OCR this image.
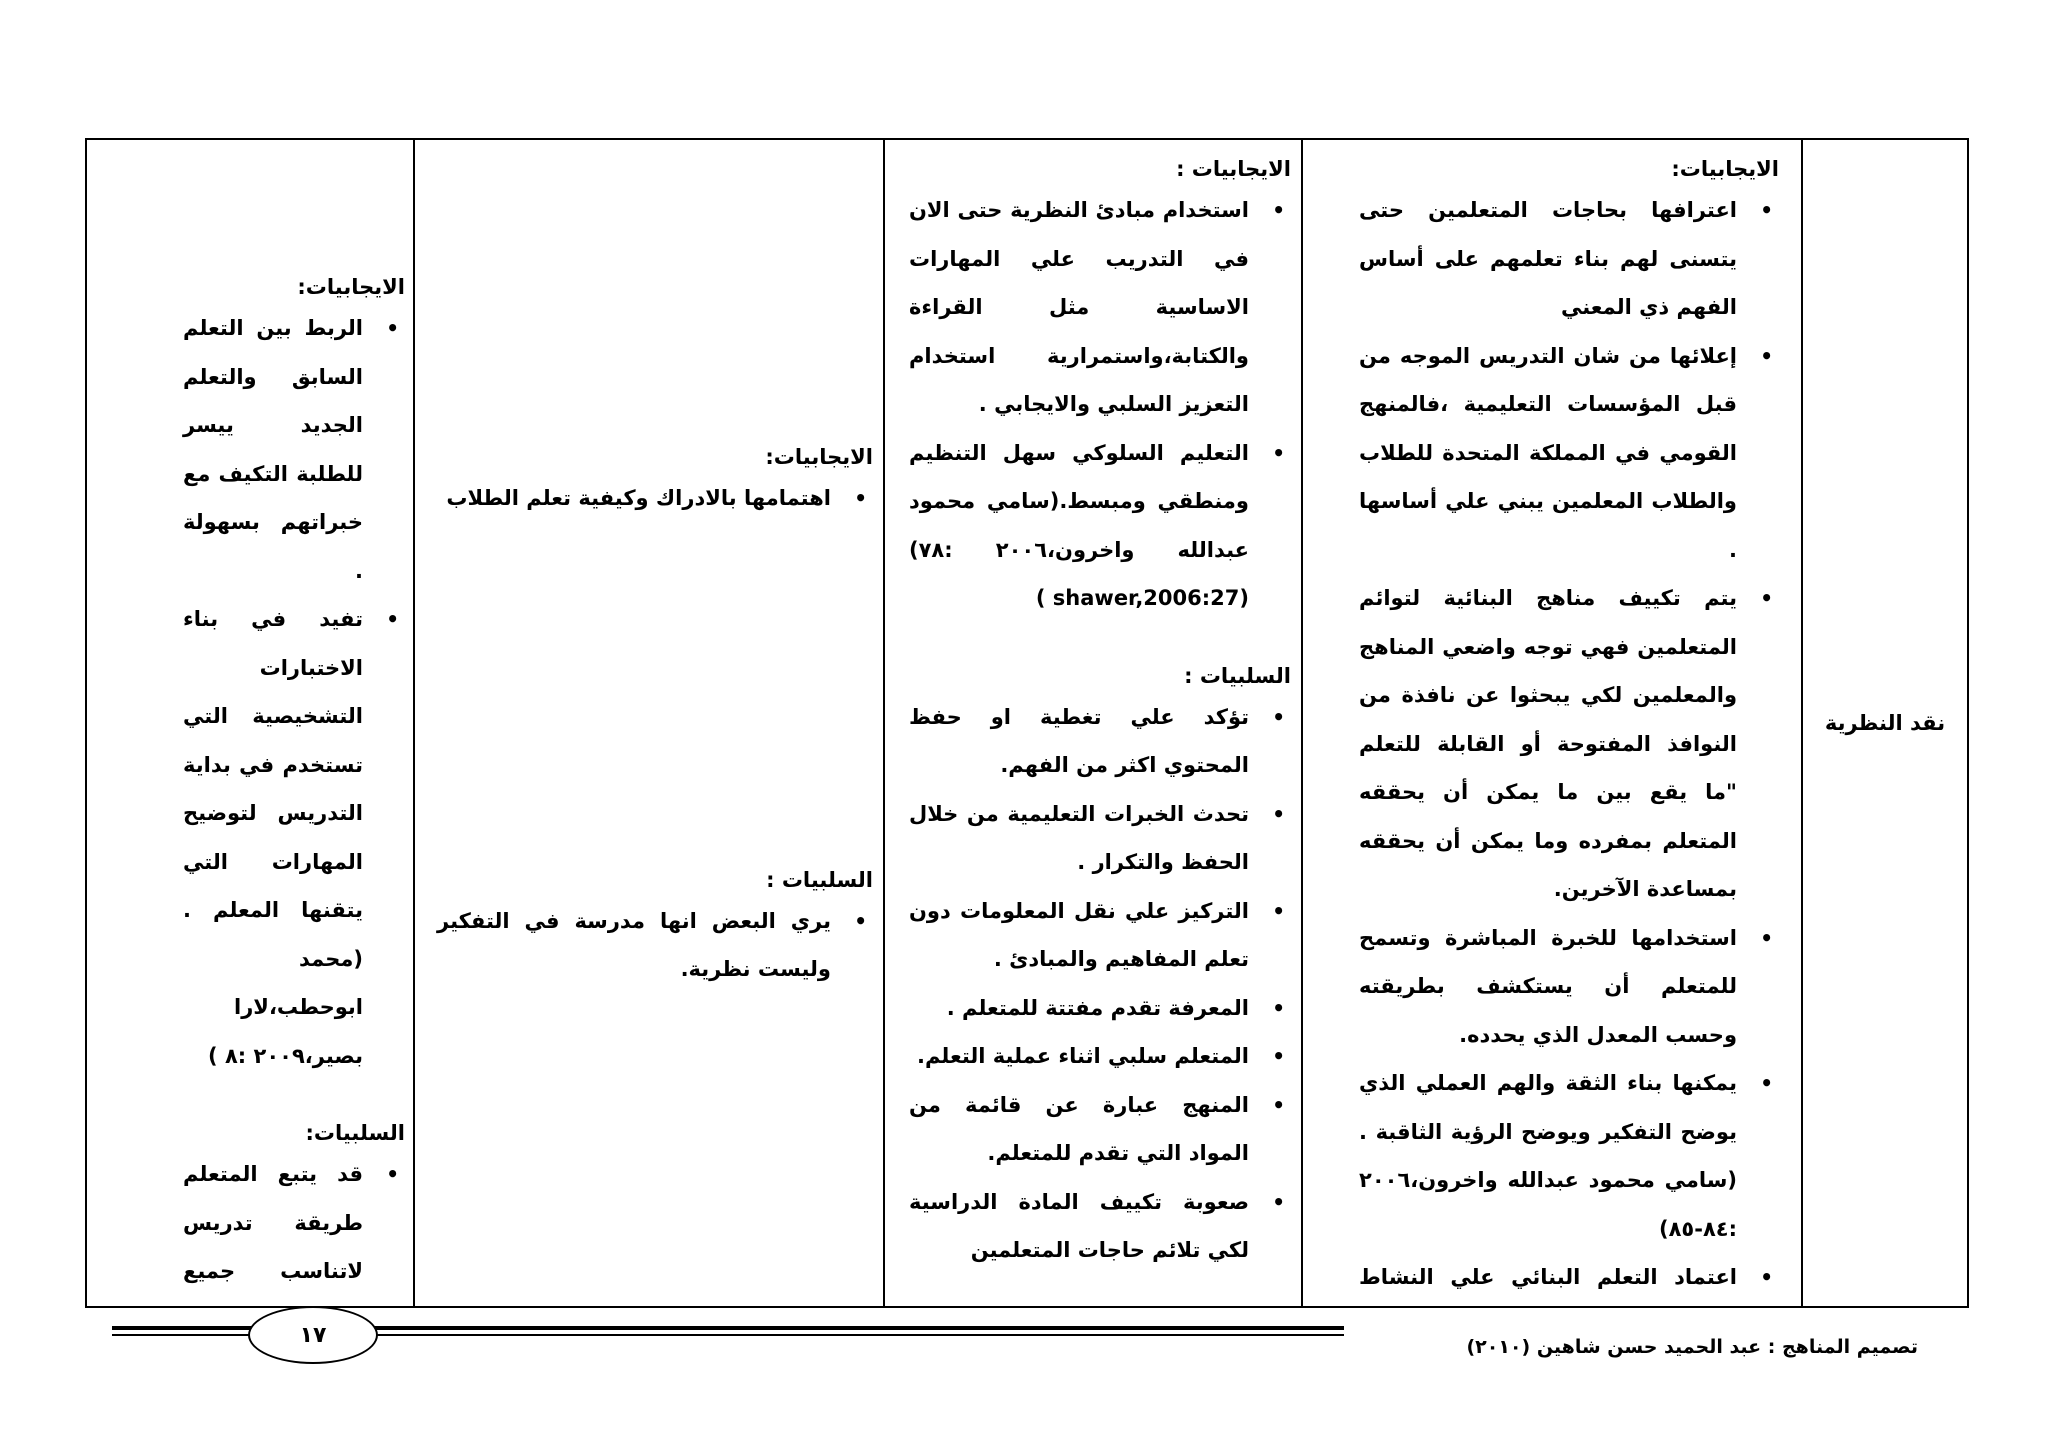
نقد النظرية
الايجابيات:
•
اعترافها بحاجات المتعلمين حتى يتسنى لهم بناء تعلمهم على أساس الفهم ذي المعني
•
إعلائها من شان التدريس الموجه من قبل المؤسسات التعليمية ،فالمنهج القومي في المملكة المتحدة للطلاب والطلاب المعلمين يبني علي أساسها .
•
يتم تكييف مناهج البنائية لتوائم المتعلمين فهي توجه واضعي المناهج والمعلمين لكي يبحثوا عن نافذة من النوافذ المفتوحة أو القابلة للتعلم "ما يقع بين ما يمكن أن يحققه المتعلم بمفرده وما يمكن أن يحققه بمساعدة الآخرين.
•
استخدامها للخبرة المباشرة وتسمح للمتعلم أن يستكشف بطريقته وحسب المعدل الذي يحدده.
•
يمكنها بناء الثقة والهم العملي الذي يوضح التفكير ويوضح الرؤية الثاقبة .(سامي محمود عبدالله واخرون،٢٠٠٦ :٨٤-٨٥)
•
اعتماد التعلم البنائي علي النشاط
الايجابيات :
•
استخدام مبادئ النظرية حتى الان في التدريب علي المهارات الاساسية مثل القراءة والكتابة،واستمرارية استخدام التعزيز السلبي والايجابي .
•
التعليم السلوكي سهل التنظيم ومنطقي ومبسط.(سامي محمود عبدالله واخرون،٢٠٠٦ :٧٨) (shawer,2006:27 )
السلبيات :
•
تؤكد علي تغطية او حفظ المحتوي اكثر من الفهم.
•
تحدث الخبرات التعليمية من خلال الحفظ والتكرار .
•
التركيز علي نقل المعلومات دون تعلم المفاهيم والمبادئ .
•
المعرفة تقدم مفتتة للمتعلم .
•
المتعلم سلبي اثناء عملية التعلم.
•
المنهج عبارة عن قائمة من المواد التي تقدم للمتعلم.
•
صعوبة تكييف المادة الدراسية لكي تلائم حاجات المتعلمين
الايجابيات:
•
اهتمامها بالادراك وكيفية تعلم الطلاب
السلبيات :
•
يري البعض انها مدرسة في التفكير وليست نظرية.
الايجابيات:
•
الربط بين التعلم السابق والتعلم الجديد ييسر للطلبة التكيف مع خبراتهم بسهولة .
•
تفيد في بناء الاختبارات التشخيصية التي تستخدم في بداية التدريس لتوضيح المهارات التي يتقنها المعلم .(محمد ابوحطب،لارا بصير،٢٠٠٩ :٨ )
السلبيات:
•
قد يتبع المتعلم طريقة تدريس لاتناسب جميع
١٧	تصميم المناهج : عبد الحميد حسن شاهين (٢٠١٠)
